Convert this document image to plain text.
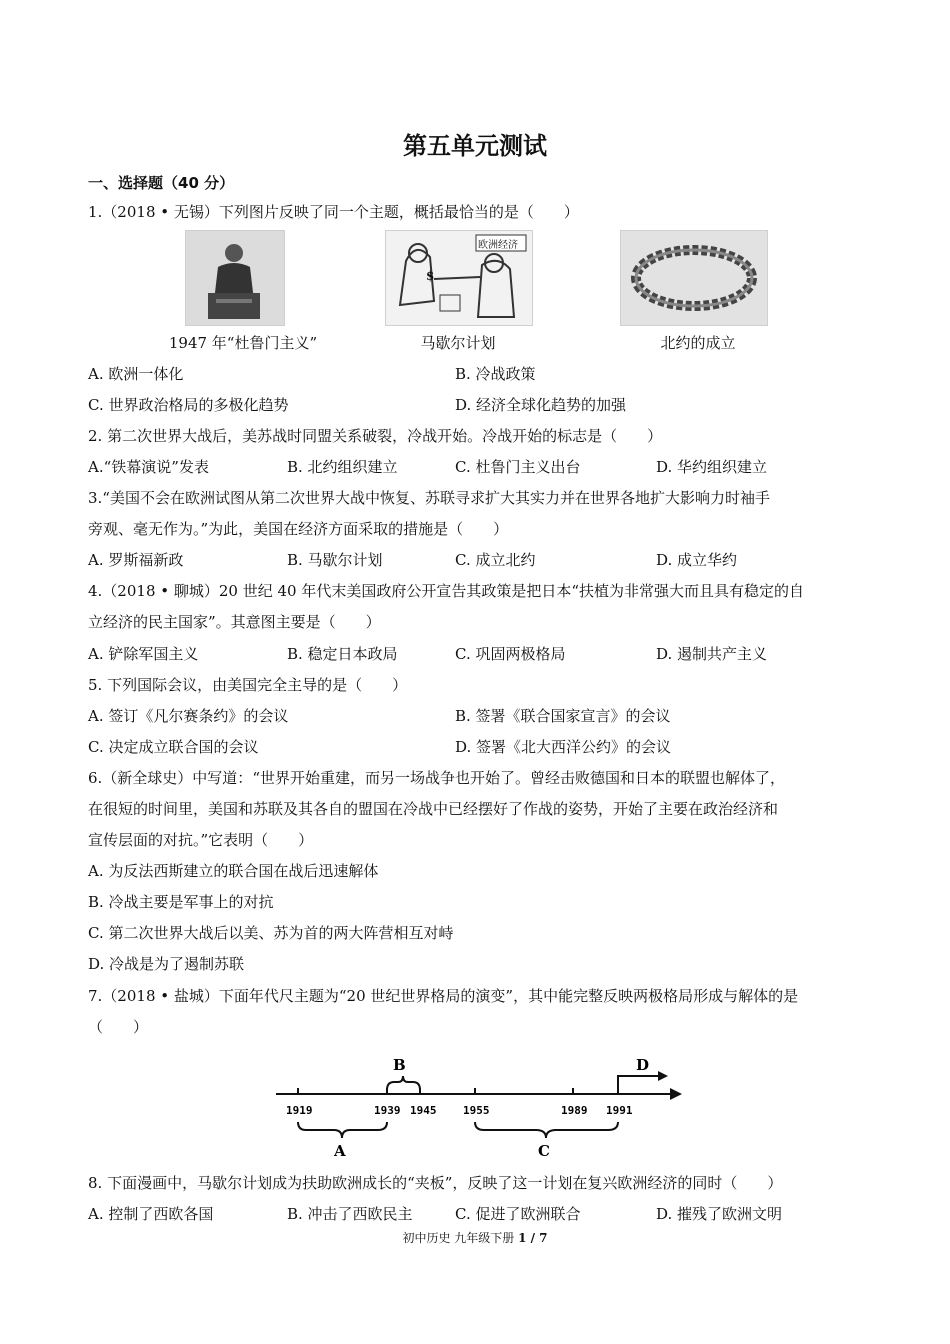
第五单元测试
一、选择题（40 分）
1.（2018 • 无锡）下列图片反映了同一个主题，概括最恰当的是（　　）
欧洲经济
$
1947 年“杜鲁门主义”	马歇尔计划	北约的成立
A. 欧洲一体化	B. 冷战政策
C. 世界政治格局的多极化趋势	D. 经济全球化趋势的加强
2. 第二次世界大战后，美苏战时同盟关系破裂，冷战开始。冷战开始的标志是（　　）
A.“铁幕演说”发表	B. 北约组织建立	C. 杜鲁门主义出台	D. 华约组织建立
3.“美国不会在欧洲试图从第二次世界大战中恢复、苏联寻求扩大其实力并在世界各地扩大影响力时袖手
旁观、毫无作为。”为此，美国在经济方面采取的措施是（　　）
A. 罗斯福新政	B. 马歇尔计划	C. 成立北约	D. 成立华约
4.（2018 • 聊城）20 世纪 40 年代末美国政府公开宣告其政策是把日本“扶植为非常强大而且具有稳定的自
立经济的民主国家”。其意图主要是（　　）
A. 铲除军国主义	B. 稳定日本政局	C. 巩固两极格局	D. 遏制共产主义
5. 下列国际会议，由美国完全主导的是（　　）
A. 签订《凡尔赛条约》的会议	B. 签署《联合国家宣言》的会议
C. 决定成立联合国的会议	D. 签署《北大西洋公约》的会议
6.（新全球史）中写道：“世界开始重建，而另一场战争也开始了。曾经击败德国和日本的联盟也解体了，
在很短的时间里，美国和苏联及其各自的盟国在冷战中已经摆好了作战的姿势，开始了主要在政治经济和
宣传层面的对抗。”它表明（　　）
A. 为反法西斯建立的联合国在战后迅速解体
B. 冷战主要是军事上的对抗
C. 第二次世界大战后以美、苏为首的两大阵营相互对峙
D. 冷战是为了遏制苏联
7.（2018 • 盐城）下面年代尺主题为“20 世纪世界格局的演变”，其中能完整反映两极格局形成与解体的是
（　　）
1919	1939 1945 1955	1989 1991
B
A	C
D
8. 下面漫画中，马歇尔计划成为扶助欧洲成长的“夹板”，反映了这一计划在复兴欧洲经济的同时（　　）
A. 控制了西欧各国	B. 冲击了西欧民主	C. 促进了欧洲联合	D. 摧残了欧洲文明
初中历史 九年级下册 1 / 7
